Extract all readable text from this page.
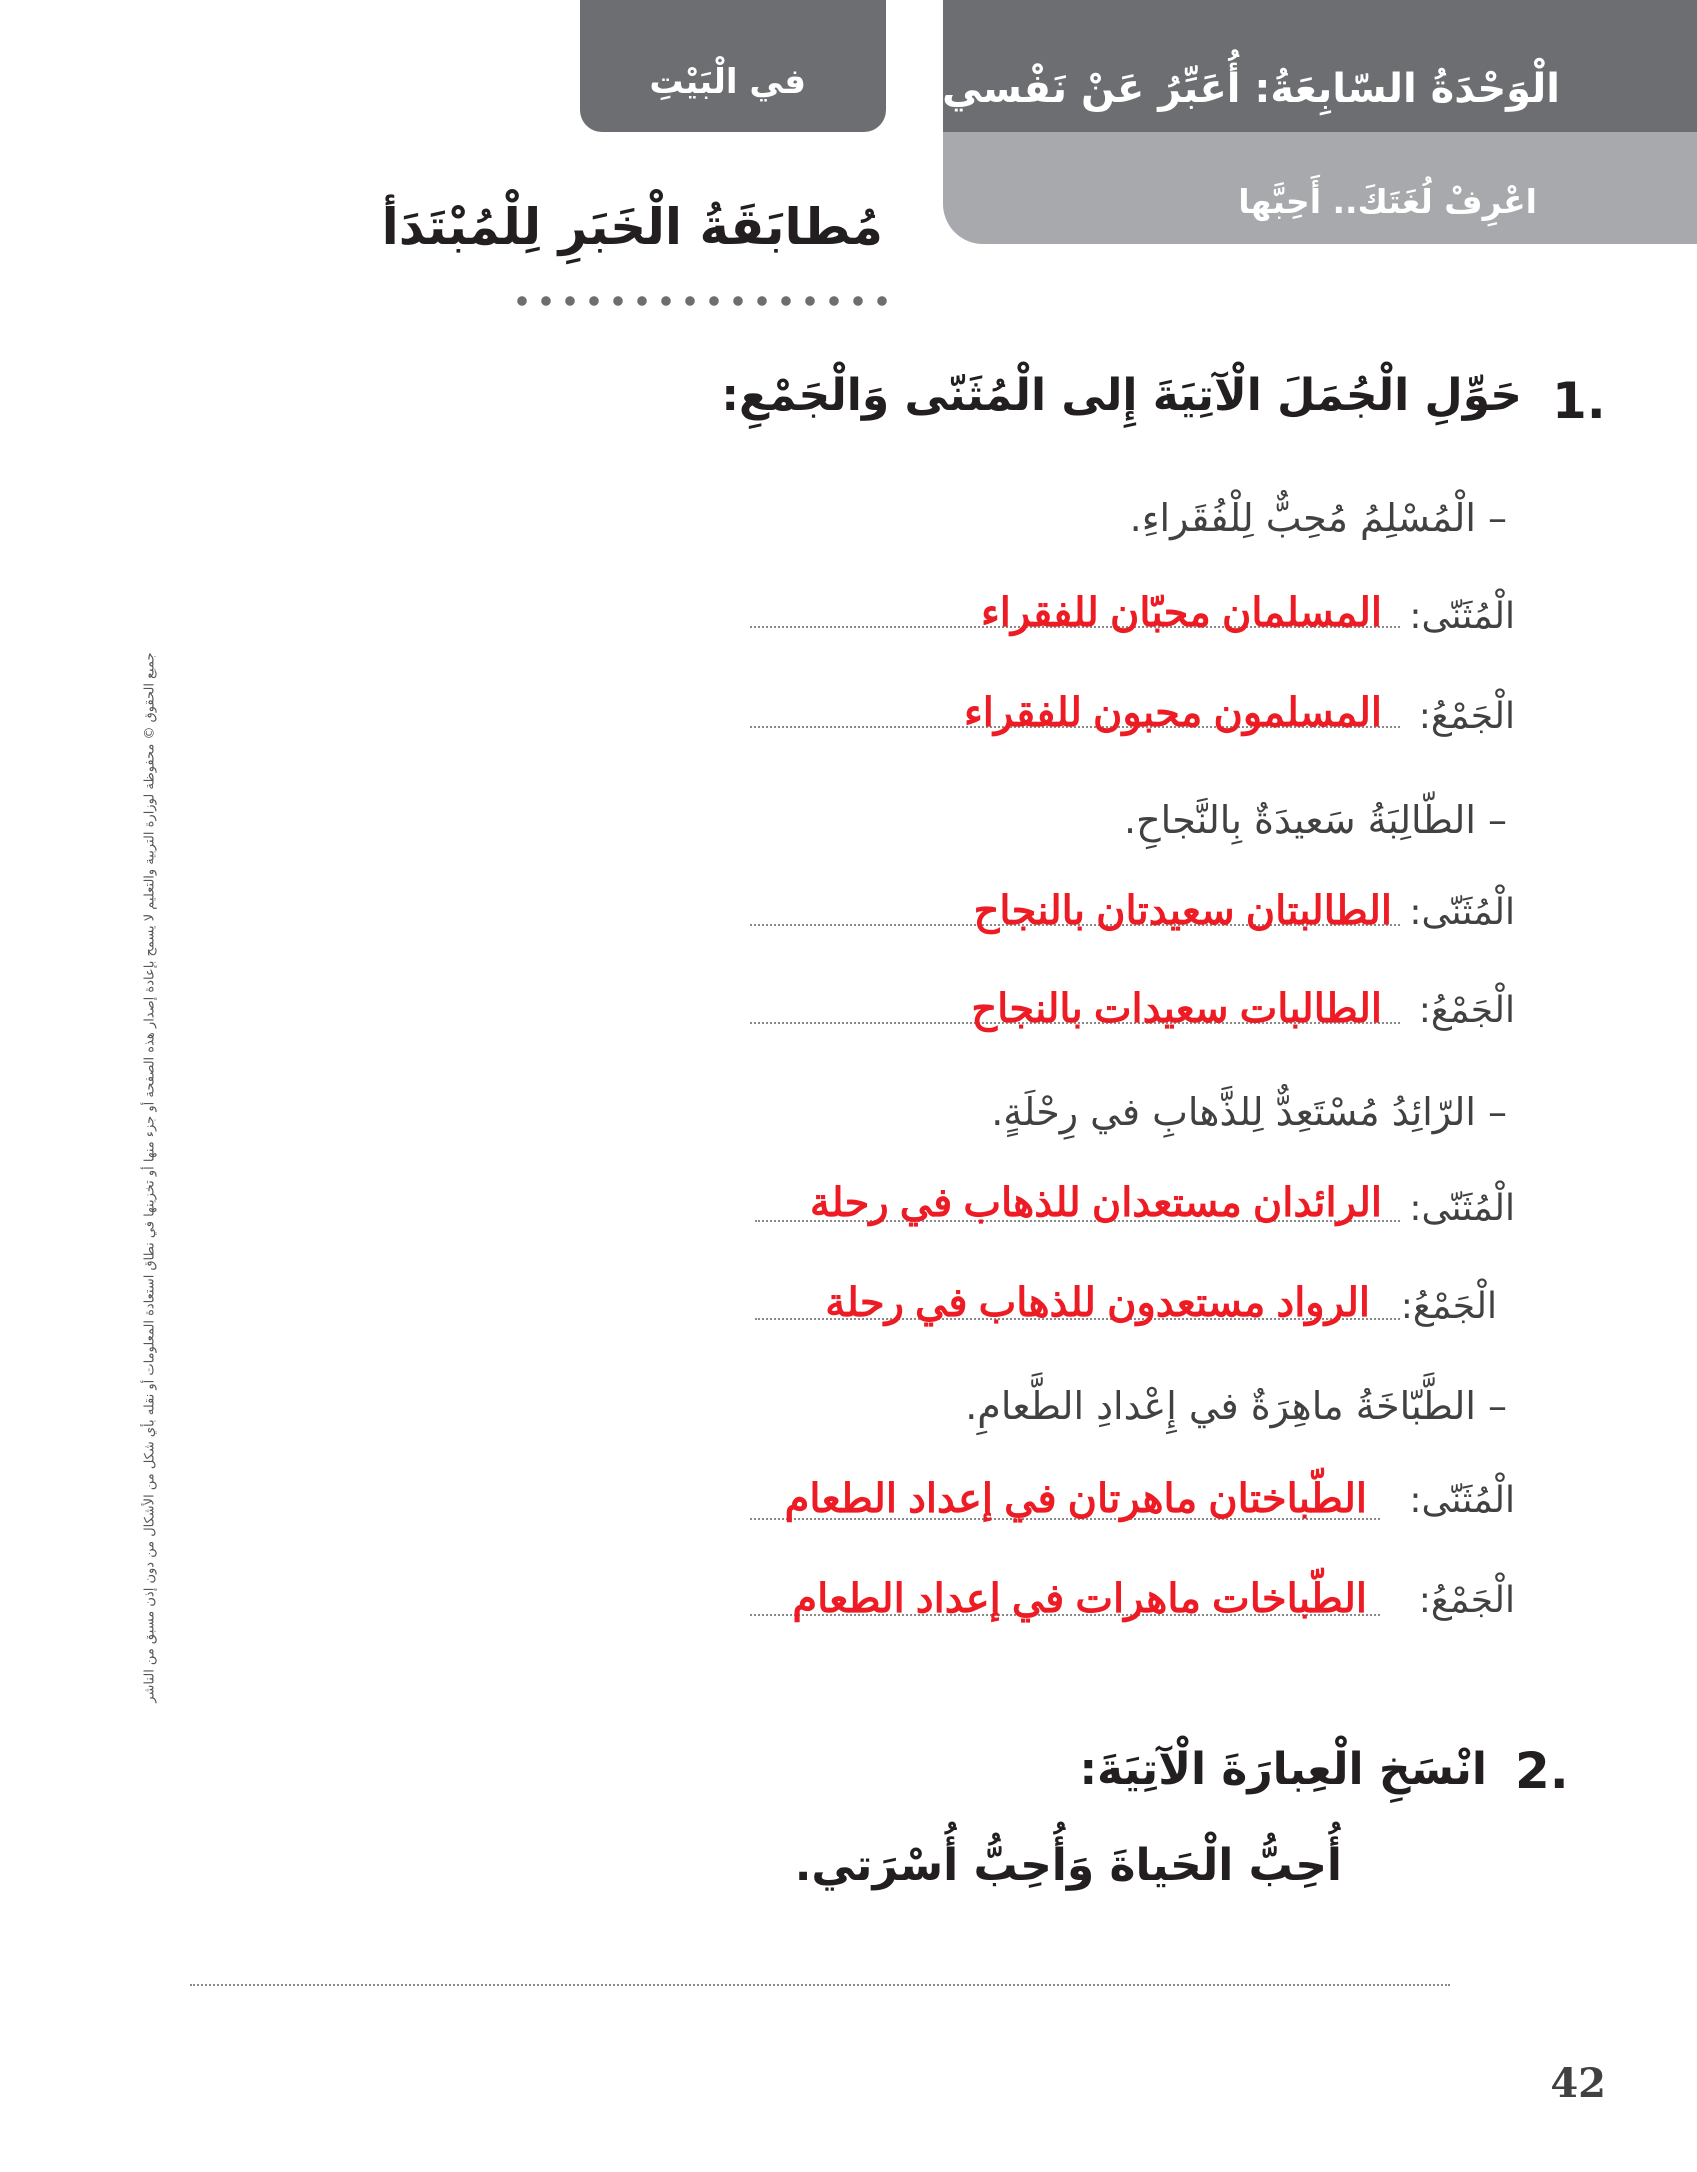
في الْبَيْتِ	الْوَحْدَةُ السّابِعَةُ: أُعَبِّرُ عَنْ نَفْسي
اعْرِفْ لُغَتَكَ.. أَحِبَّها
مُطابَقَةُ الْخَبَرِ لِلْمُبْتَدَأ
1.
حَوِّلِ الْجُمَلَ الْآتِيَةَ إِلى الْمُثَنّى وَالْجَمْعِ:
– الْمُسْلِمُ مُحِبٌّ لِلْفُقَراءِ.
الْمُثَنّى:
المسلمان محبّان للفقراء
الْجَمْعُ:
المسلمون محبون للفقراء
– الطّالِبَةُ سَعيدَةٌ بِالنَّجاحِ.
الْمُثَنّى:
الطالبتان سعيدتان بالنجاح
الْجَمْعُ:
الطالبات سعيدات بالنجاح
– الرّائِدُ مُسْتَعِدٌّ لِلذَّهابِ في رِحْلَةٍ.
الْمُثَنّى:
الرائدان مستعدان للذهاب في رحلة
الْجَمْعُ:
الرواد مستعدون للذهاب في رحلة
– الطَّبّاخَةُ ماهِرَةٌ في إِعْدادِ الطَّعامِ.
الْمُثَنّى:
الطّباختان ماهرتان في إعداد الطعام
الْجَمْعُ:
الطّباخات ماهرات في إعداد الطعام
2.
انْسَخِ الْعِبارَةَ الْآتِيَةَ:
أُحِبُّ الْحَياةَ وَأُحِبُّ أُسْرَتي.
جميع الحقوق © محفوظة لوزارة التربية والتعليم لا يسمح بإعادة إصدار هذه الصفحة أو جزء منها أو تخزينها في نطاق استعادة المعلومات أو نقله بأي شكل من الأشكال من دون إذن مسبق من الناشر
42
